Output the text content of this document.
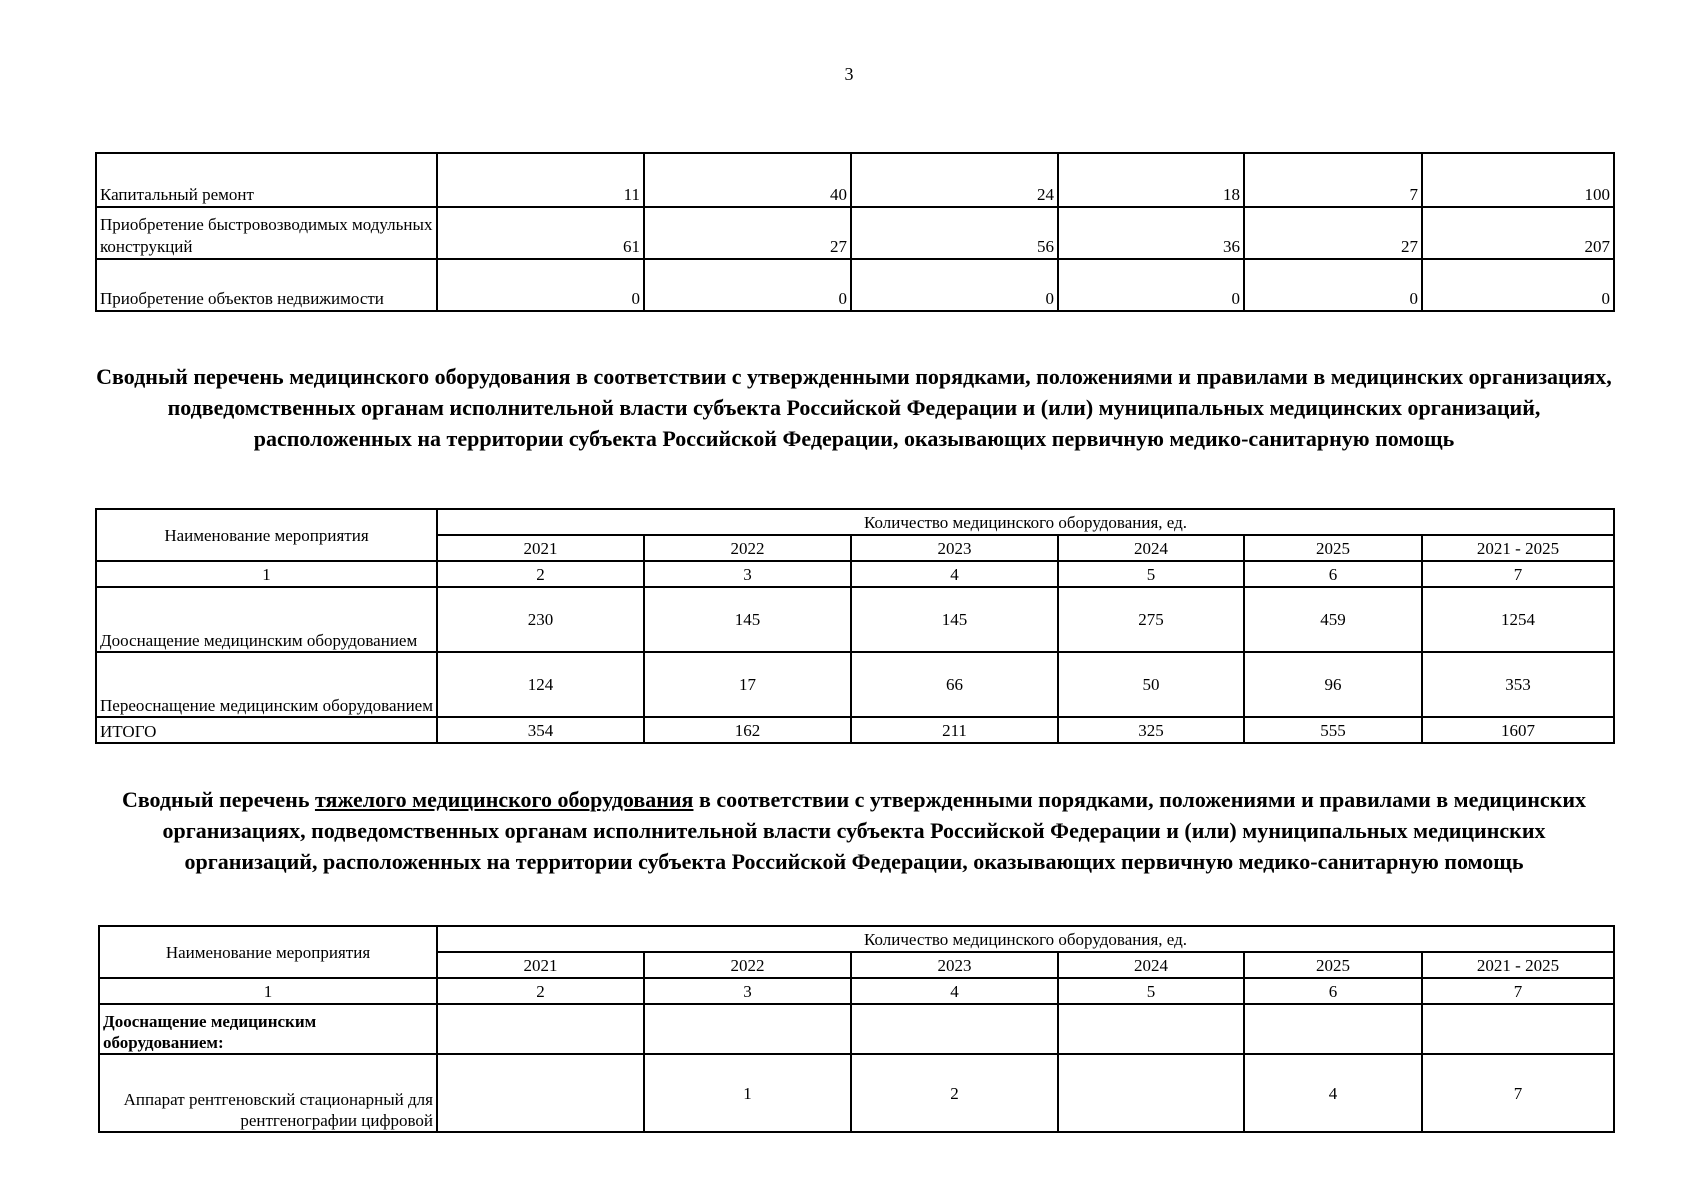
3
Капитальный ремонт	11	40	24	18	7	100
Приобретение быстровозводимых модульных конструкций	61	27	56	36	27	207
Приобретение объектов недвижимости	0	0	0	0	0	0
Сводный перечень медицинского оборудования в соответствии с утвержденными порядками, положениями и правилами в медицинских организациях, подведомственных органам исполнительной власти субъекта Российской Федерации и (или) муниципальных медицинских организаций, расположенных на территории субъекта Российской Федерации, оказывающих первичную медико-санитарную помощь
Наименование мероприятия	Количество медицинского оборудования, ед.					
	2021	2022	2023	2024	2025	2021 - 2025
1	2	3	4	5	6	7
Дооснащение медицинским оборудованием	230	145	145	275	459	1254
Переоснащение медицинским оборудованием	124	17	66	50	96	353
ИТОГО	354	162	211	325	555	1607
Сводный перечень тяжелого медицинского оборудования в соответствии с утвержденными порядками, положениями и правилами в медицинских организациях, подведомственных органам исполнительной власти субъекта Российской Федерации и (или) муниципальных медицинских организаций, расположенных на территории субъекта Российской Федерации, оказывающих первичную медико-санитарную помощь
Наименование мероприятия	Количество медицинского оборудования, ед.					
	2021	2022	2023	2024	2025	2021 - 2025
1	2	3	4	5	6	7
Дооснащение медицинским оборудованием:						
Аппарат рентгеновский стационарный для рентгенографии цифровой		1	2		4	7
